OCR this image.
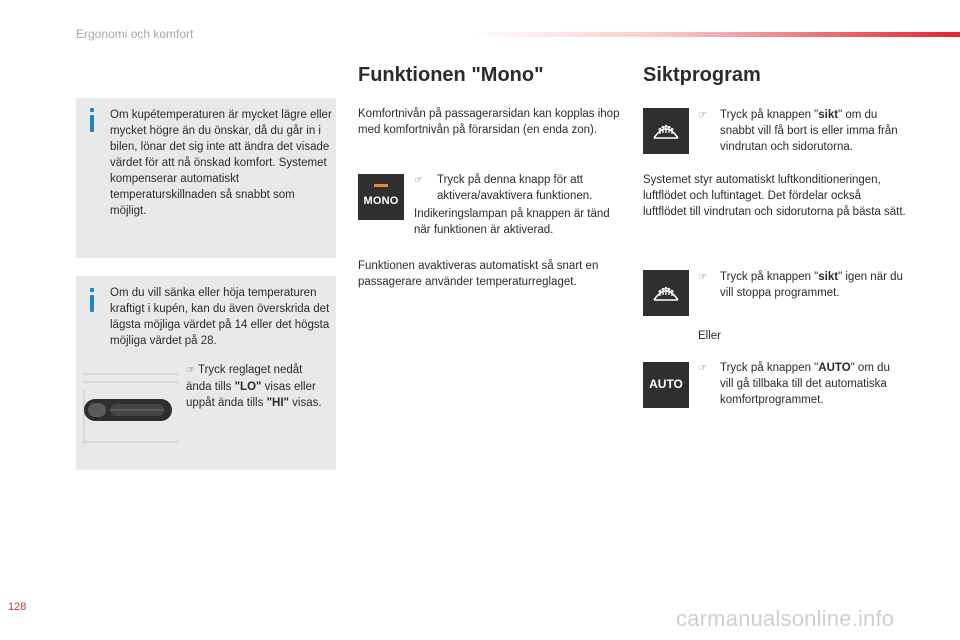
Ergonomi och komfort
Om kupétemperaturen är mycket lägre eller mycket högre än du önskar, då du går in i bilen, lönar det sig inte att ändra det visade värdet för att nå önskad komfort. Systemet kompenserar automatiskt temperaturskillnaden så snabbt som möjligt.
Om du vill sänka eller höja temperaturen kraftigt i kupén, kan du även överskrida det lägsta möjliga värdet på 14 eller det högsta möjliga värdet på 28.
☞ Tryck reglaget nedåt ända tills "LO" visas eller uppåt ända tills "HI" visas.
Funktionen "Mono"
Komfortnivån på passagerarsidan kan kopplas ihop med komfortnivån på förarsidan (en enda zon).
MONO
☞	Tryck på denna knapp för att aktivera/avaktivera funktionen.
Indikeringslampan på knappen är tänd när funktionen är aktiverad.
Funktionen avaktiveras automatiskt så snart en passagerare använder temperaturreglaget.
Siktprogram
☞	Tryck på knappen "sikt" om du snabbt vill få bort is eller imma från vindrutan och sidorutorna.
Systemet styr automatiskt luftkonditioneringen, luftflödet och luftintaget. Det fördelar också luftflödet till vindrutan och sidorutorna på bästa sätt.
☞	Tryck på knappen "sikt" igen när du vill stoppa programmet.
Eller
AUTO
☞	Tryck på knappen "AUTO" om du vill gå tillbaka till det automatiska komfortprogrammet.
128	carmanualsonline.info
